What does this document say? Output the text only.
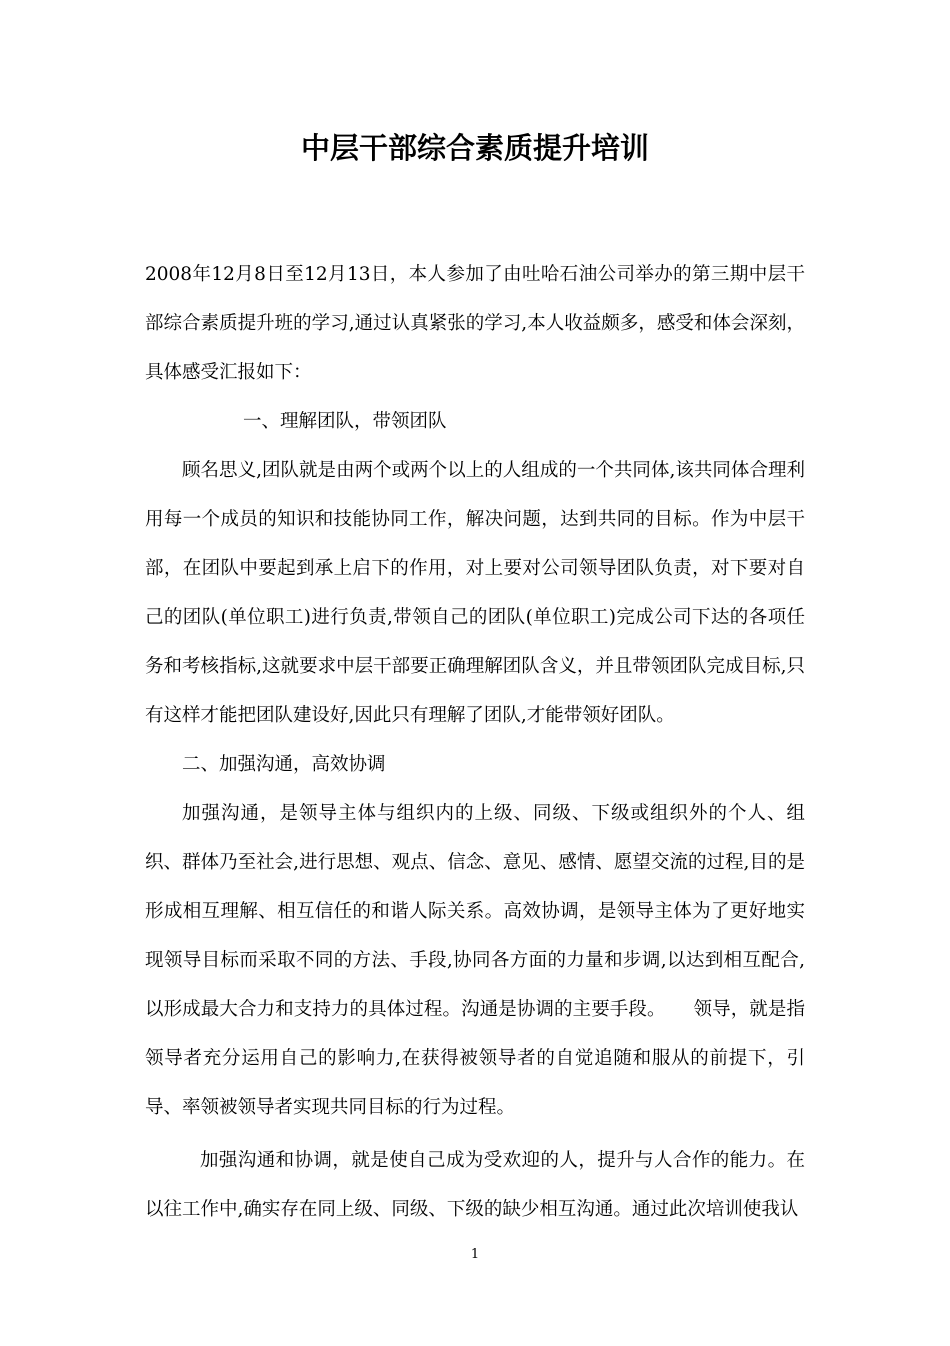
中层干部综合素质提升培训

2008年12月8日至12月13日，本人参加了由吐哈石油公司举办的第三期中层干部综合素质提升班的学习,通过认真紧张的学习,本人收益颇多，感受和体会深刻，具体感受汇报如下：

一、理解团队，带领团队

顾名思义,团队就是由两个或两个以上的人组成的一个共同体,该共同体合理利用每一个成员的知识和技能协同工作，解决问题，达到共同的目标。作为中层干部，在团队中要起到承上启下的作用，对上要对公司领导团队负责，对下要对自己的团队(单位职工)进行负责,带领自己的团队(单位职工)完成公司下达的各项任务和考核指标,这就要求中层干部要正确理解团队含义，并且带领团队完成目标,只有这样才能把团队建设好,因此只有理解了团队,才能带领好团队。

二、加强沟通，高效协调

加强沟通，是领导主体与组织内的上级、同级、下级或组织外的个人、组织、群体乃至社会,进行思想、观点、信念、意见、感情、愿望交流的过程,目的是形成相互理解、相互信任的和谐人际关系。高效协调，是领导主体为了更好地实现领导目标而采取不同的方法、手段,协同各方面的力量和步调,以达到相互配合,以形成最大合力和支持力的具体过程。沟通是协调的主要手段。　　领导，就是指领导者充分运用自己的影响力,在获得被领导者的自觉追随和服从的前提下，引导、率领被领导者实现共同目标的行为过程。

加强沟通和协调，就是使自己成为受欢迎的人，提升与人合作的能力。在以往工作中,确实存在同上级、同级、下级的缺少相互沟通。通过此次培训使我认

1
